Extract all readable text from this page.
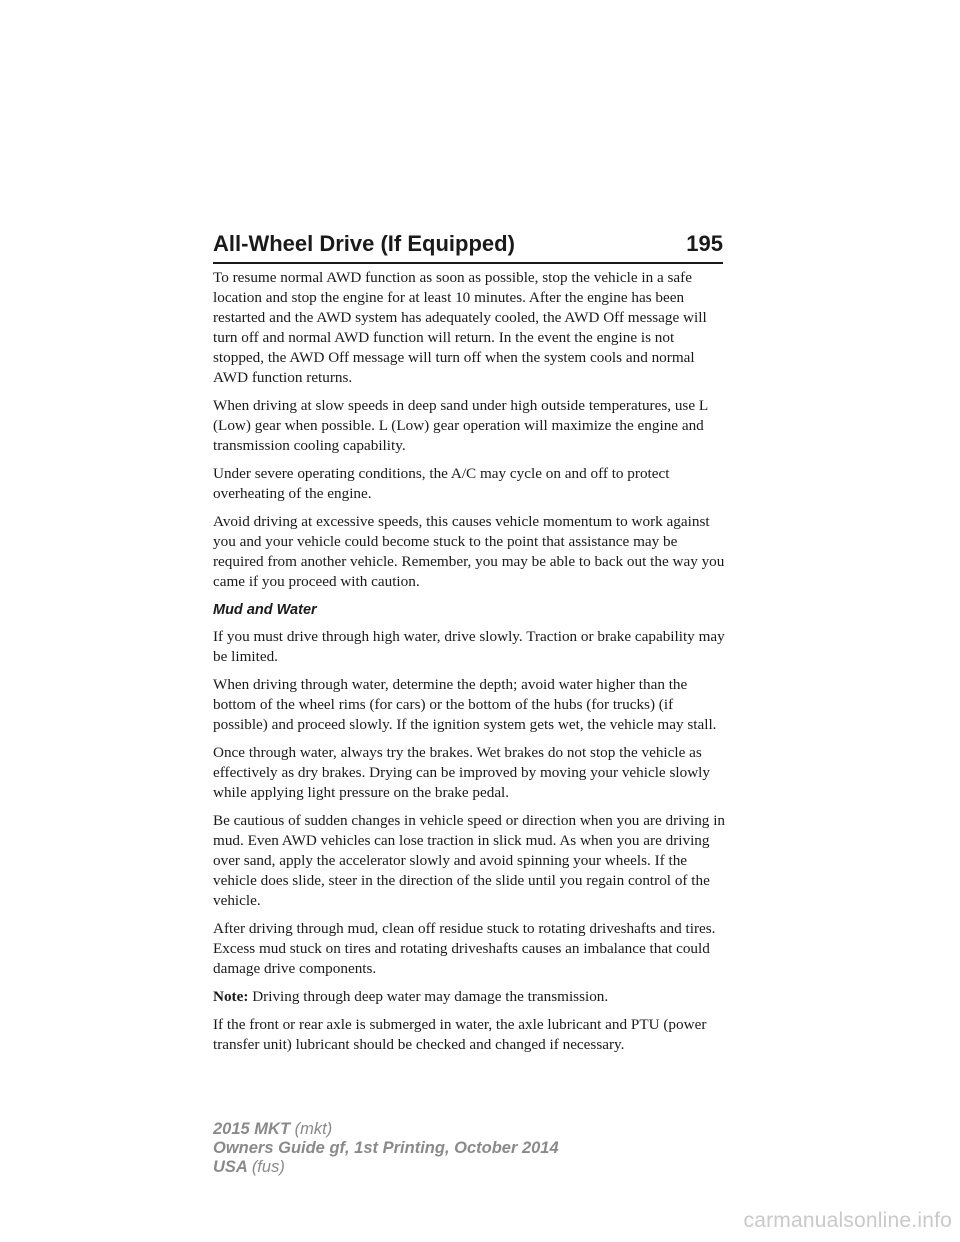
All-Wheel Drive (If Equipped)	195

To resume normal AWD function as soon as possible, stop the vehicle in a safe location and stop the engine for at least 10 minutes. After the engine has been restarted and the AWD system has adequately cooled, the AWD Off message will turn off and normal AWD function will return. In the event the engine is not stopped, the AWD Off message will turn off when the system cools and normal AWD function returns.

When driving at slow speeds in deep sand under high outside temperatures, use L (Low) gear when possible. L (Low) gear operation will maximize the engine and transmission cooling capability.

Under severe operating conditions, the A/C may cycle on and off to protect overheating of the engine.

Avoid driving at excessive speeds, this causes vehicle momentum to work against you and your vehicle could become stuck to the point that assistance may be required from another vehicle. Remember, you may be able to back out the way you came if you proceed with caution.

Mud and Water

If you must drive through high water, drive slowly. Traction or brake capability may be limited.

When driving through water, determine the depth; avoid water higher than the bottom of the wheel rims (for cars) or the bottom of the hubs (for trucks) (if possible) and proceed slowly. If the ignition system gets wet, the vehicle may stall.

Once through water, always try the brakes. Wet brakes do not stop the vehicle as effectively as dry brakes. Drying can be improved by moving your vehicle slowly while applying light pressure on the brake pedal.

Be cautious of sudden changes in vehicle speed or direction when you are driving in mud. Even AWD vehicles can lose traction in slick mud. As when you are driving over sand, apply the accelerator slowly and avoid spinning your wheels. If the vehicle does slide, steer in the direction of the slide until you regain control of the vehicle.

After driving through mud, clean off residue stuck to rotating driveshafts and tires. Excess mud stuck on tires and rotating driveshafts causes an imbalance that could damage drive components.

Note: Driving through deep water may damage the transmission.

If the front or rear axle is submerged in water, the axle lubricant and PTU (power transfer unit) lubricant should be checked and changed if necessary.

2015 MKT (mkt)
Owners Guide gf, 1st Printing, October 2014
USA (fus)
carmanualsonline.info
